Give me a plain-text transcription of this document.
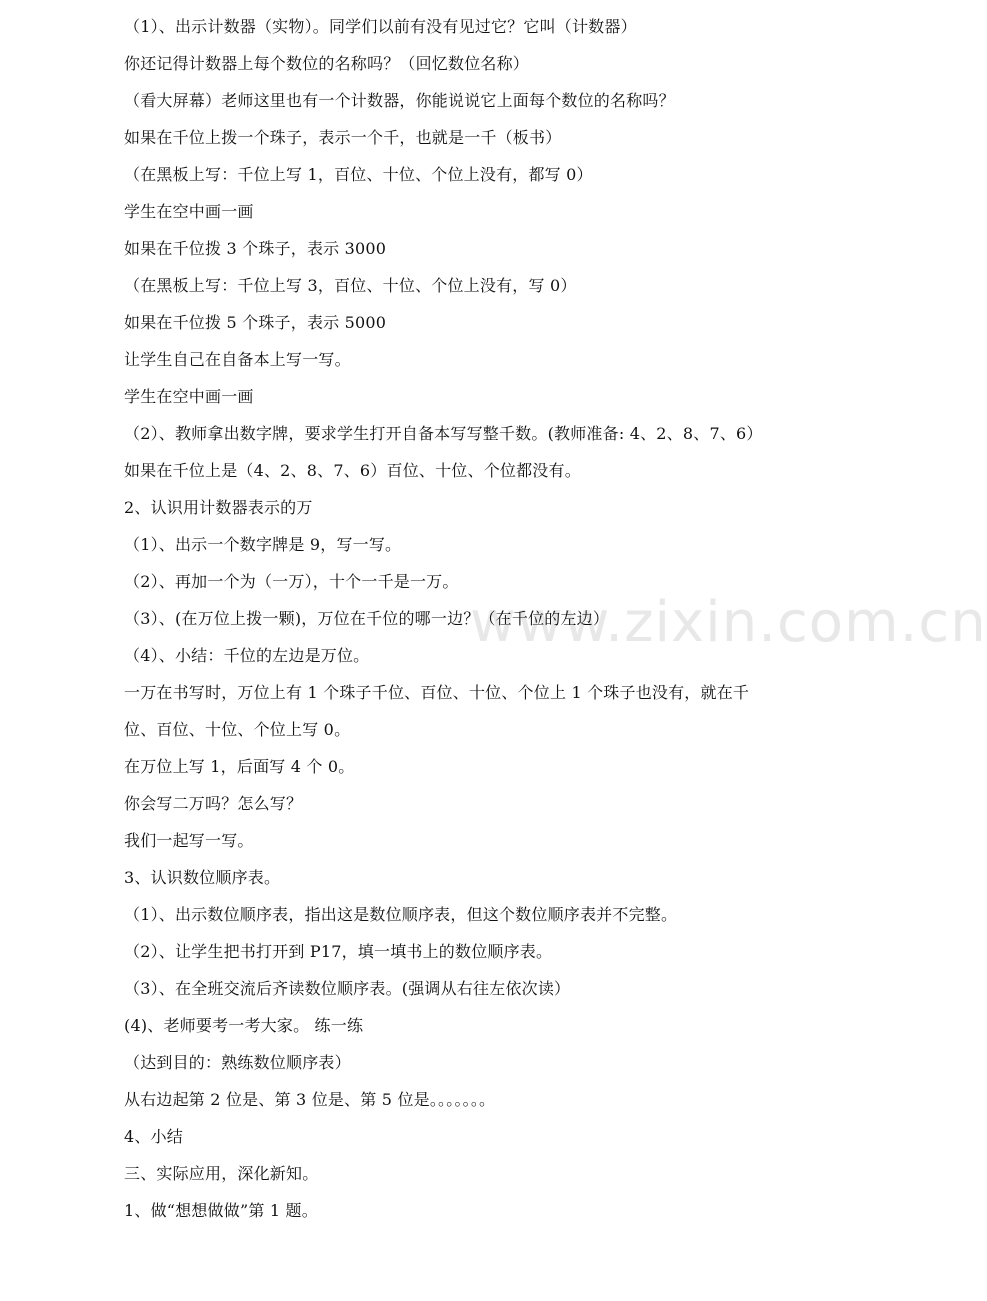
www.zixin.com.cn
（1）、出示计数器（实物）。同学们以前有没有见过它？它叫（计数器）
你还记得计数器上每个数位的名称吗？（回忆数位名称）
（看大屏幕）老师这里也有一个计数器，你能说说它上面每个数位的名称吗？
如果在千位上拨一个珠子，表示一个千，也就是一千（板书）
（在黑板上写：千位上写 1，百位、十位、个位上没有，都写 0）
学生在空中画一画
如果在千位拨 3 个珠子，表示 3000
（在黑板上写：千位上写 3，百位、十位、个位上没有，写 0）
如果在千位拨 5 个珠子，表示 5000
让学生自己在自备本上写一写。
学生在空中画一画
（2）、教师拿出数字牌，要求学生打开自备本写写整千数。(教师准备: 4、2、8、7、6）
如果在千位上是（4、2、8、7、6）百位、十位、个位都没有。
2、认识用计数器表示的万
（1）、出示一个数字牌是 9，写一写。
（2）、再加一个为（一万），十个一千是一万。
（3）、(在万位上拨一颗)，万位在千位的哪一边？（在千位的左边）
（4）、小结：千位的左边是万位。
一万在书写时，万位上有 1 个珠子千位、百位、十位、个位上 1 个珠子也没有，就在千
位、百位、十位、个位上写 0。
在万位上写 1，后面写 4 个 0。
你会写二万吗？怎么写？
我们一起写一写。
3、认识数位顺序表。
（1）、出示数位顺序表，指出这是数位顺序表，但这个数位顺序表并不完整。
（2）、让学生把书打开到 P17，填一填书上的数位顺序表。
（3）、在全班交流后齐读数位顺序表。(强调从右往左依次读）
(4)、老师要考一考大家。 练一练
（达到目的：熟练数位顺序表）
从右边起第 2 位是、第 3 位是、第 5 位是。。。。。。。
4、小结
三、实际应用，深化新知。
1、做“想想做做”第 1 题。
